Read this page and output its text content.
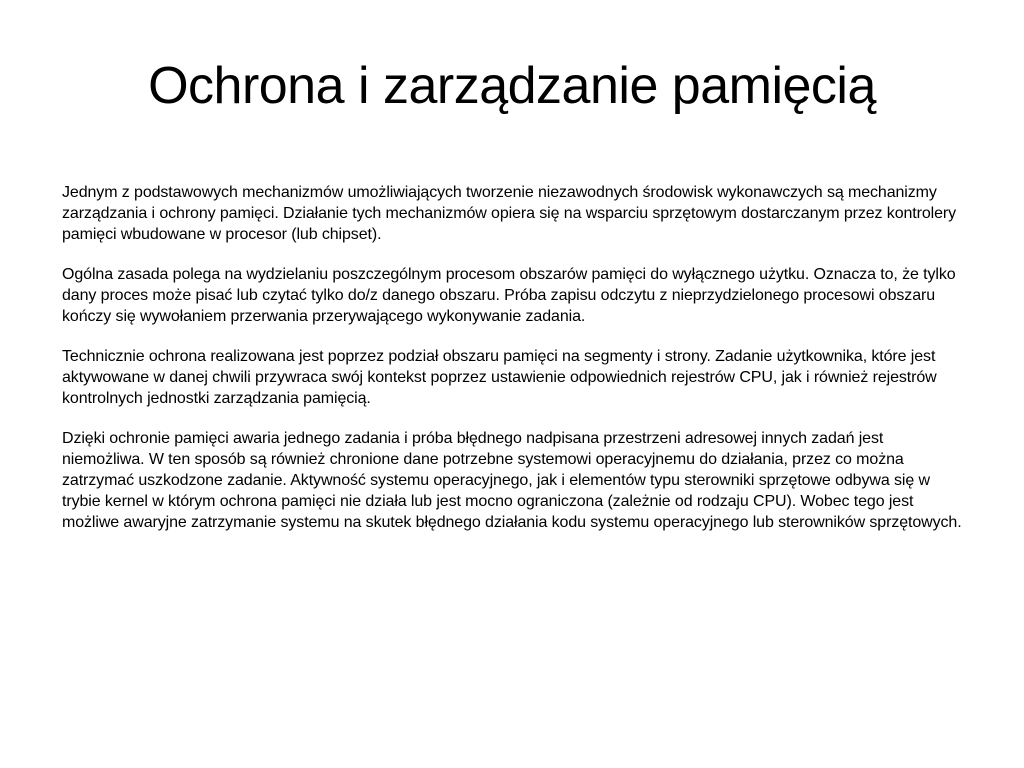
Ochrona i zarządzanie pamięcią

Jednym z podstawowych mechanizmów umożliwiających tworzenie niezawodnych środowisk wykonawczych są mechanizmy zarządzania i ochrony pamięci. Działanie tych mechanizmów opiera się na wsparciu sprzętowym dostarczanym przez kontrolery pamięci wbudowane w procesor (lub chipset).

Ogólna zasada polega na wydzielaniu poszczególnym procesom obszarów pamięci do wyłącznego użytku. Oznacza to, że tylko dany proces może pisać lub czytać tylko do/z danego obszaru. Próba zapisu odczytu z nieprzydzielonego procesowi obszaru kończy się wywołaniem przerwania przerywającego wykonywanie zadania.

Technicznie ochrona realizowana jest poprzez podział obszaru pamięci na segmenty i strony. Zadanie użytkownika, które jest aktywowane w danej chwili przywraca swój kontekst poprzez ustawienie odpowiednich rejestrów CPU, jak i również rejestrów kontrolnych jednostki zarządzania pamięcią.

Dzięki ochronie pamięci awaria jednego zadania i próba błędnego nadpisana przestrzeni adresowej innych zadań jest niemożliwa. W ten sposób są również chronione dane potrzebne systemowi operacyjnemu do działania, przez co można zatrzymać uszkodzone zadanie. Aktywność systemu operacyjnego, jak i elementów typu sterowniki sprzętowe odbywa się w trybie kernel w którym ochrona pamięci nie działa lub jest mocno ograniczona (zależnie od rodzaju CPU). Wobec tego jest możliwe awaryjne zatrzymanie systemu na skutek błędnego działania kodu systemu operacyjnego lub sterowników sprzętowych.
